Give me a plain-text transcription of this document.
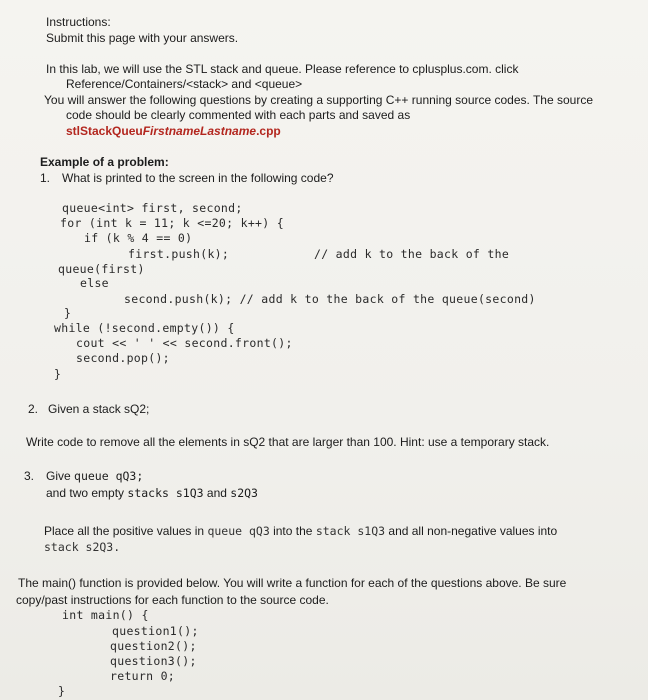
Instructions:
Submit this page with your answers.
In this lab, we will use the STL stack and queue. Please reference to cplusplus.com. click
Reference/Containers/<stack> and <queue>
You will answer the following questions by creating a supporting C++ running source codes. The source
code should be clearly commented with each parts and saved as
stlStackQueuFirstnameLastname.cpp
Example of a problem:
1. What is printed to the screen in the following code?
queue<int> first, second;
for (int k = 11; k <=20; k++) {
if (k % 4 == 0)
first.push(k);	// add k to the back of the
queue(first)
else
second.push(k); // add k to the back of the queue(second)
}
while (!second.empty()) {
cout << ' ' << second.front();
second.pop();
}
2. Given a stack sQ2;
Write code to remove all the elements in sQ2 that are larger than 100. Hint: use a temporary stack.
3. Give queue qQ3;
and two empty stacks s1Q3 and s2Q3
Place all the positive values in queue qQ3 into the stack s1Q3 and all non-negative values into
stack s2Q3.
The main() function is provided below. You will write a function for each of the questions above. Be sure
copy/past instructions for each function to the source code.
int main() {
question1();
question2();
question3();
return 0;
}
